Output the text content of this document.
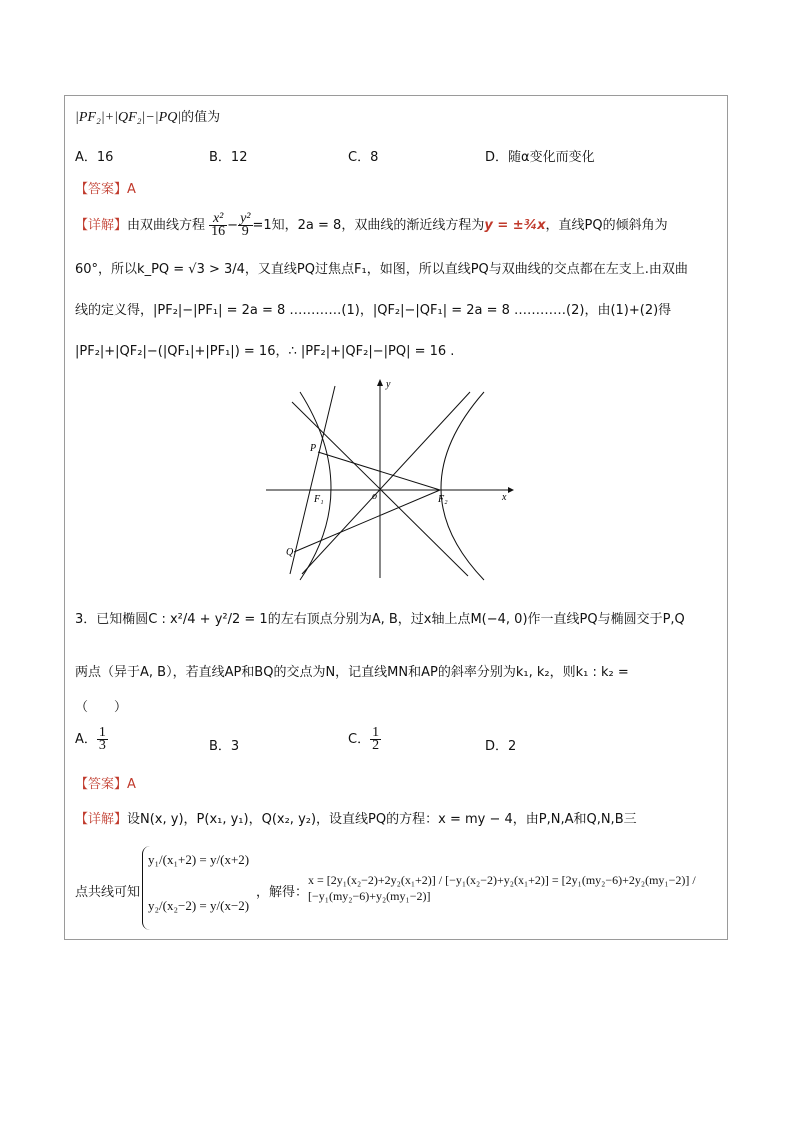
|PF₂|+|QF₂|−|PQ|的值为
A．16	B．12	C．8	D．随α变化而变化
【答案】A
【详解】由双曲线方程 $\frac{\text{x²}}{16} - \frac{\text{y²}}{9} =1$知，2a = 8，双曲线的渐近线方程为y = ±¾x，直线PQ的倾斜角为
60°，所以k_PQ = √3 > 3/4，又直线PQ过焦点F₁，如图，所以直线PQ与双曲线的交点都在左支上.由双曲
线的定义得，|PF₂|−|PF₁| = 2a = 8 …………(1)，|QF₂|−|QF₁| = 2a = 8 …………(2)，由(1)+(2)得
|PF₂|+|QF₂|−(|QF₁|+|PF₁|) = 16，∴ |PF₂|+|QF₂|−|PQ| = 16 .
y
x
o
P
Q
F₁	F₂
3．已知椭圆C : x²/4 + y²/2 = 1的左右顶点分别为A, B，过x轴上点M(−4, 0)作一直线PQ与椭圆交于P,Q
两点（异于A, B），若直线AP和BQ的交点为N，记直线MN和AP的斜率分别为k₁, k₂，则k₁ : k₂ =
（　　）
A． $\frac{1}{3}$	B．3	C． $\frac{1}{2}$	D．2
【答案】A
【详解】设N(x, y)，P(x₁, y₁)，Q(x₂, y₂)，设直线PQ的方程：x = my − 4，由P,N,A和Q,N,B三
点共线可知
y₁/(x₁+2) = y/(x+2)
y₂/(x₂−2) = y/(x−2)
，解得：
x = [2y₁(x₂−2)+2y₂(x₁+2)] / [−y₁(x₂−2)+y₂(x₁+2)] = [2y₁(my₂−6)+2y₂(my₁−2)] / [−y₁(my₂−6)+y₂(my₁−2)]
